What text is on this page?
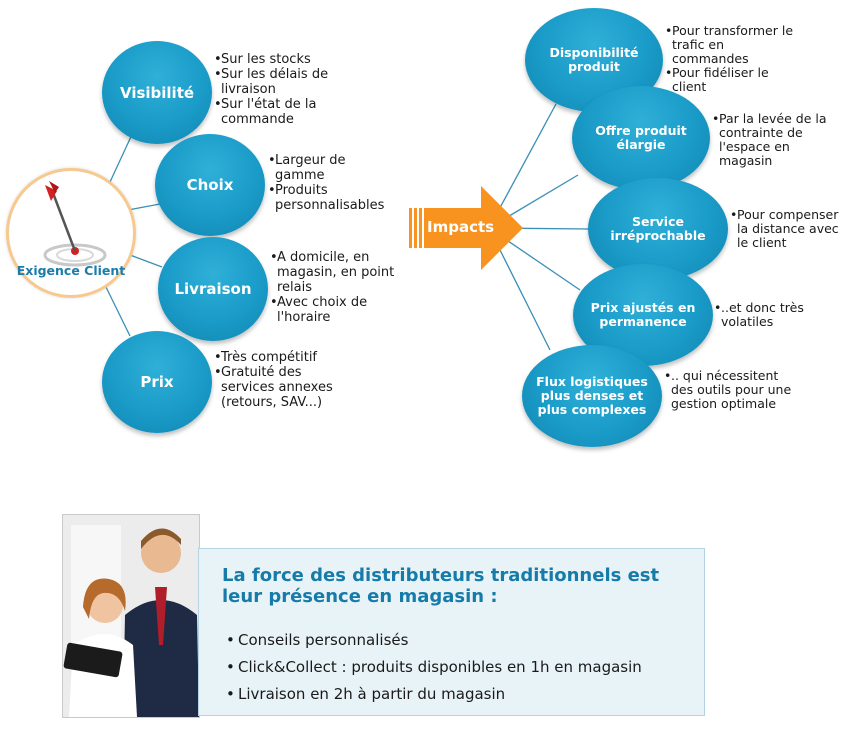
Exigence Client
Visibilité
Choix
Livraison
Prix
• Sur les stocks
• Sur les délais de livraison
• Sur l'état de la commande
• Largeur de gamme
• Produits personnalisables
• A domicile, en magasin, en point relais
• Avec choix de l'horaire
• Très compétitif
• Gratuité des services annexes (retours, SAV...)
Impacts
Disponibilité produit
Offre produit élargie
Service irréprochable
Prix ajustés en permanence
Flux logistiques plus denses et plus complexes
• Pour transformer le trafic en commandes
• Pour fidéliser le client
• Par la levée de la contrainte de l'espace en magasin
• Pour compenser la distance avec le client
• ..et donc très volatiles
• .. qui nécessitent des outils pour une gestion optimale
La force des distributeurs traditionnels est leur présence en magasin :
• Conseils personnalisés
• Click&Collect : produits disponibles en 1h en magasin
• Livraison en 2h à partir du magasin
